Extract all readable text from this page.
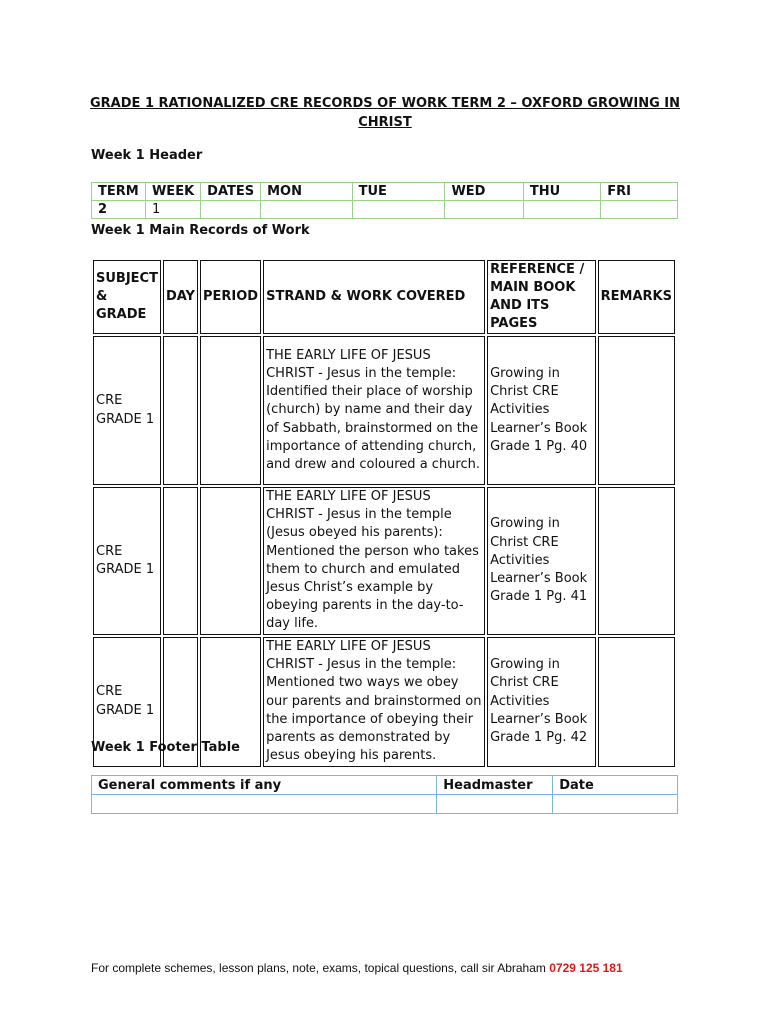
GRADE 1 RATIONALIZED CRE RECORDS OF WORK TERM 2 – OXFORD GROWING IN CHRIST
Week 1 Header
TERM	WEEK	DATES	MON	TUE	WED	THU	FRI
2	1						
Week 1 Main Records of Work
SUBJECT & GRADE	DAY	PERIOD	STRAND & WORK COVERED	REFERENCE / MAIN BOOK AND ITS PAGES	REMARKS
CRE GRADE 1			THE EARLY LIFE OF JESUS CHRIST - Jesus in the temple: Identified their place of worship (church) by name and their day of Sabbath, brainstormed on the importance of attending church, and drew and coloured a church.	Growing in Christ CRE Activities Learner’s Book Grade 1 Pg. 40	
CRE GRADE 1			THE EARLY LIFE OF JESUS CHRIST - Jesus in the temple (Jesus obeyed his parents): Mentioned the person who takes them to church and emulated Jesus Christ’s example by obeying parents in the day-to-day life.	Growing in Christ CRE Activities Learner’s Book Grade 1 Pg. 41	
CRE GRADE 1			THE EARLY LIFE OF JESUS CHRIST - Jesus in the temple: Mentioned two ways we obey our parents and brainstormed on the importance of obeying their parents as demonstrated by Jesus obeying his parents.	Growing in Christ CRE Activities Learner’s Book Grade 1 Pg. 42	
Week 1 Footer Table
General comments if any	Headmaster	Date

For complete schemes, lesson plans, note, exams, topical questions, call sir Abraham 0729 125 181
